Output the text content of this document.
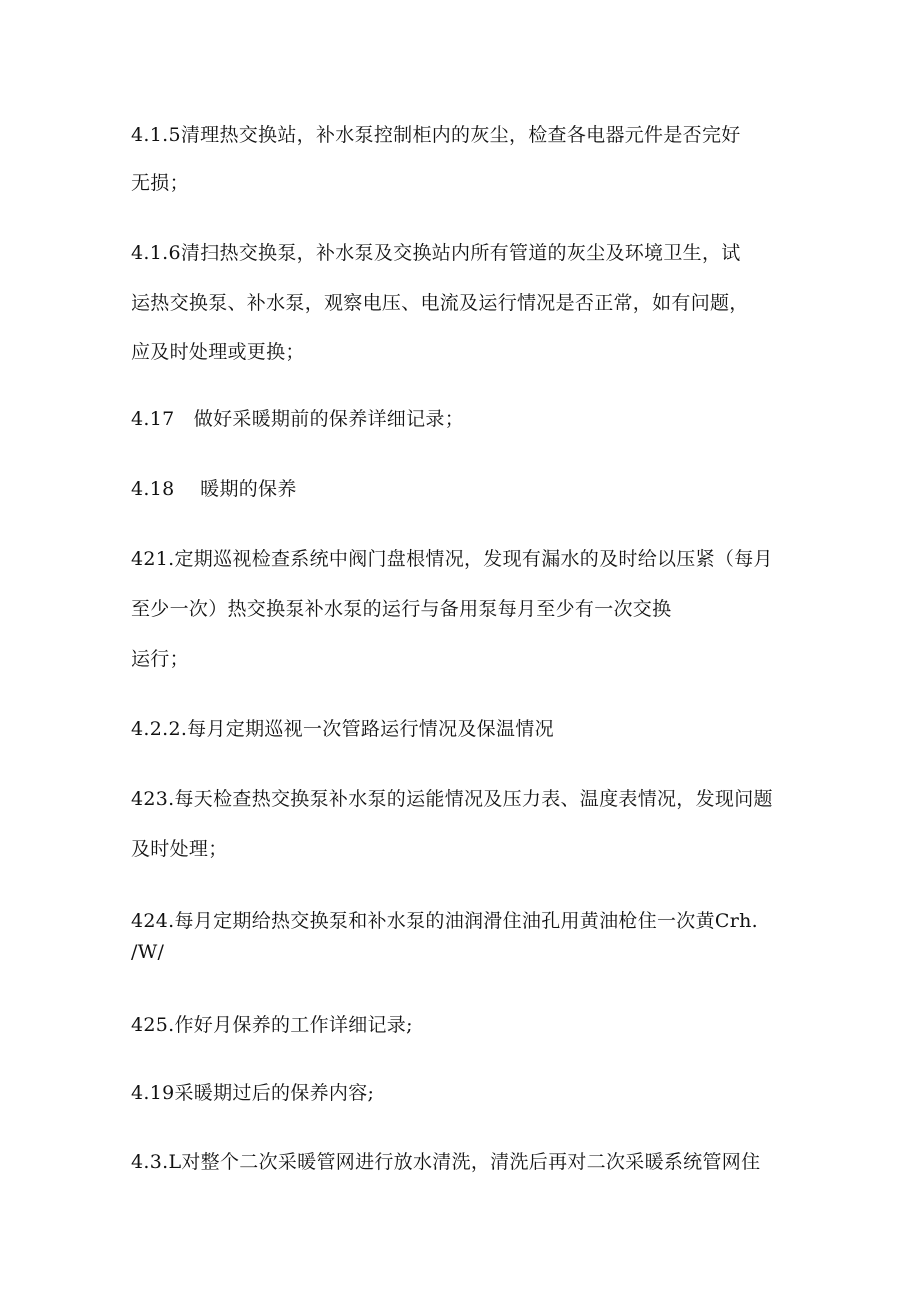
4.1.5清理热交换站，补水泵控制柜内的灰尘，检查各电器元件是否完好
无损；
4.1.6清扫热交换泵，补水泵及交换站内所有管道的灰尘及环境卫生，试
运热交换泵、补水泵，观察电压、电流及运行情况是否正常，如有问题，
应及时处理或更换；
4.17　做好采暖期前的保养详细记录；
4.18　 暖期的保养
421.定期巡视检查系统中阀门盘根情况，发现有漏水的及时给以压紧（每月
至少一次）热交换泵补水泵的运行与备用泵每月至少有一次交换
运行；
4.2.2.每月定期巡视一次管路运行情况及保温情况
423.每天检查热交换泵补水泵的运能情况及压力表、温度表情况，发现问题
及时处理；
424.每月定期给热交换泵和补水泵的油润滑住油孔用黄油枪住一次黄Crh.
/W/
425.作好月保养的工作详细记录;
4.19采暖期过后的保养内容;
4.3.L对整个二次采暖管网进行放水清洗，清洗后再对二次采暖系统管网住
